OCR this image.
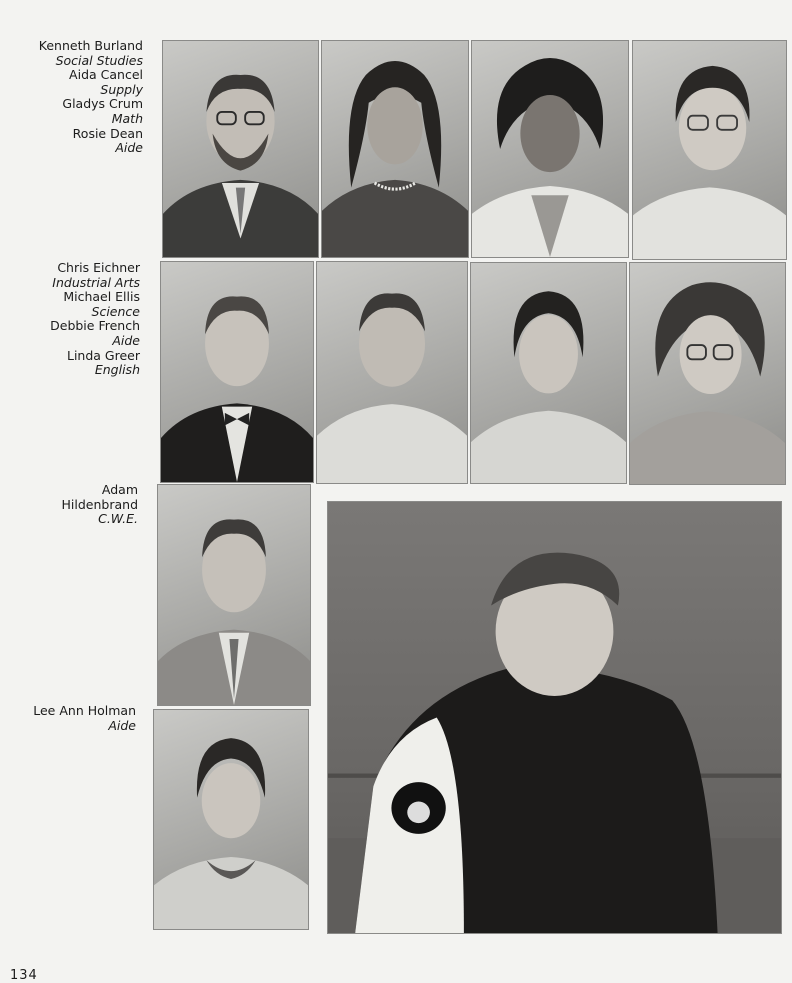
Kenneth Burland
Social Studies
Aida Cancel
Supply
Gladys Crum
Math
Rosie Dean
Aide
Chris Eichner
Industrial Arts
Michael Ellis
Science
Debbie French
Aide
Linda Greer
English
Adam
Hildenbrand
C.W.E.
Lee Ann Holman
Aide
134
